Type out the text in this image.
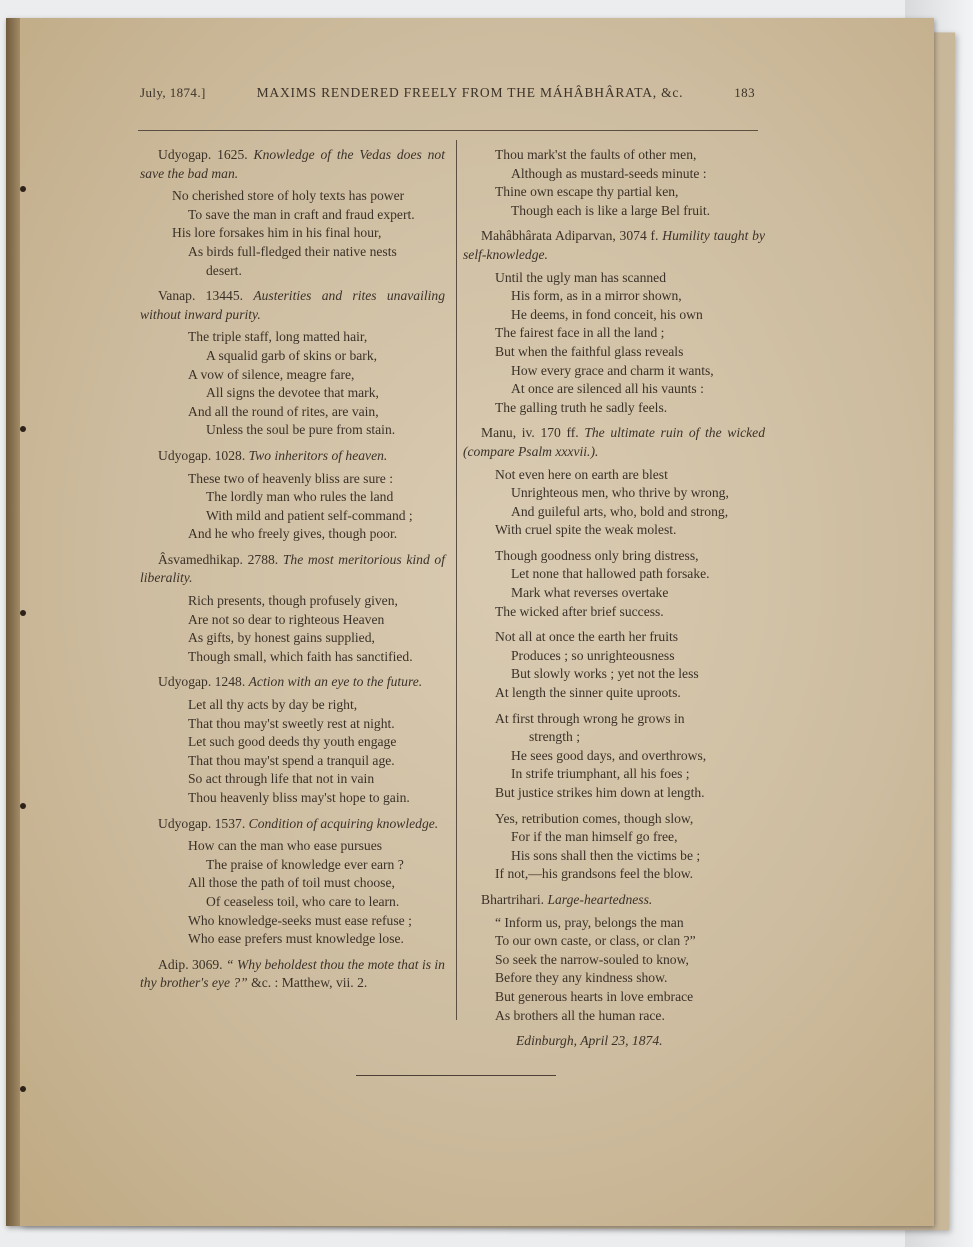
July, 1874.]	MAXIMS RENDERED FREELY FROM THE MÁHÂBHÂRATA, &c.	183
Udyogap. 1625. Knowledge of the Vedas does not save the bad man.
No cherished store of holy texts has power
To save the man in craft and fraud expert.
His lore forsakes him in his final hour,
As birds full-fledged their native nests
desert.
Vanap. 13445. Austerities and rites unavailing without inward purity.
The triple staff, long matted hair,
A squalid garb of skins or bark,
A vow of silence, meagre fare,
All signs the devotee that mark,
And all the round of rites, are vain,
Unless the soul be pure from stain.
Udyogap. 1028. Two inheritors of heaven.
These two of heavenly bliss are sure :
The lordly man who rules the land
With mild and patient self-command ;
And he who freely gives, though poor.
Âsvamedhikap. 2788. The most meritorious kind of liberality.
Rich presents, though profusely given,
Are not so dear to righteous Heaven
As gifts, by honest gains supplied,
Though small, which faith has sanctified.
Udyogap. 1248. Action with an eye to the future.
Let all thy acts by day be right,
That thou may'st sweetly rest at night.
Let such good deeds thy youth engage
That thou may'st spend a tranquil age.
So act through life that not in vain
Thou heavenly bliss may'st hope to gain.
Udyogap. 1537. Condition of acquiring knowledge.
How can the man who ease pursues
The praise of knowledge ever earn ?
All those the path of toil must choose,
Of ceaseless toil, who care to learn.
Who knowledge-seeks must ease refuse ;
Who ease prefers must knowledge lose.
Adip. 3069. “ Why beholdest thou the mote that is in thy brother's eye ?” &c. : Matthew, vii. 2.
Thou mark'st the faults of other men,
Although as mustard-seeds minute :
Thine own escape thy partial ken,
Though each is like a large Bel fruit.
Mahâbhârata Adiparvan, 3074 f. Humility taught by self-knowledge.
Until the ugly man has scanned
His form, as in a mirror shown,
He deems, in fond conceit, his own
The fairest face in all the land ;
But when the faithful glass reveals
How every grace and charm it wants,
At once are silenced all his vaunts :
The galling truth he sadly feels.
Manu, iv. 170 ff. The ultimate ruin of the wicked (compare Psalm xxxvii.).
Not even here on earth are blest
Unrighteous men, who thrive by wrong,
And guileful arts, who, bold and strong,
With cruel spite the weak molest.
Though goodness only bring distress,
Let none that hallowed path forsake.
Mark what reverses overtake
The wicked after brief success.
Not all at once the earth her fruits
Produces ; so unrighteousness
But slowly works ; yet not the less
At length the sinner quite uproots.
At first through wrong he grows in
strength ;
He sees good days, and overthrows,
In strife triumphant, all his foes ;
But justice strikes him down at length.
Yes, retribution comes, though slow,
For if the man himself go free,
His sons shall then the victims be ;
If not,—his grandsons feel the blow.
Bhartrihari. Large-heartedness.
“ Inform us, pray, belongs the man
To our own caste, or class, or clan ?”
So seek the narrow-souled to know,
Before they any kindness show.
But generous hearts in love embrace
As brothers all the human race.
Edinburgh, April 23, 1874.
